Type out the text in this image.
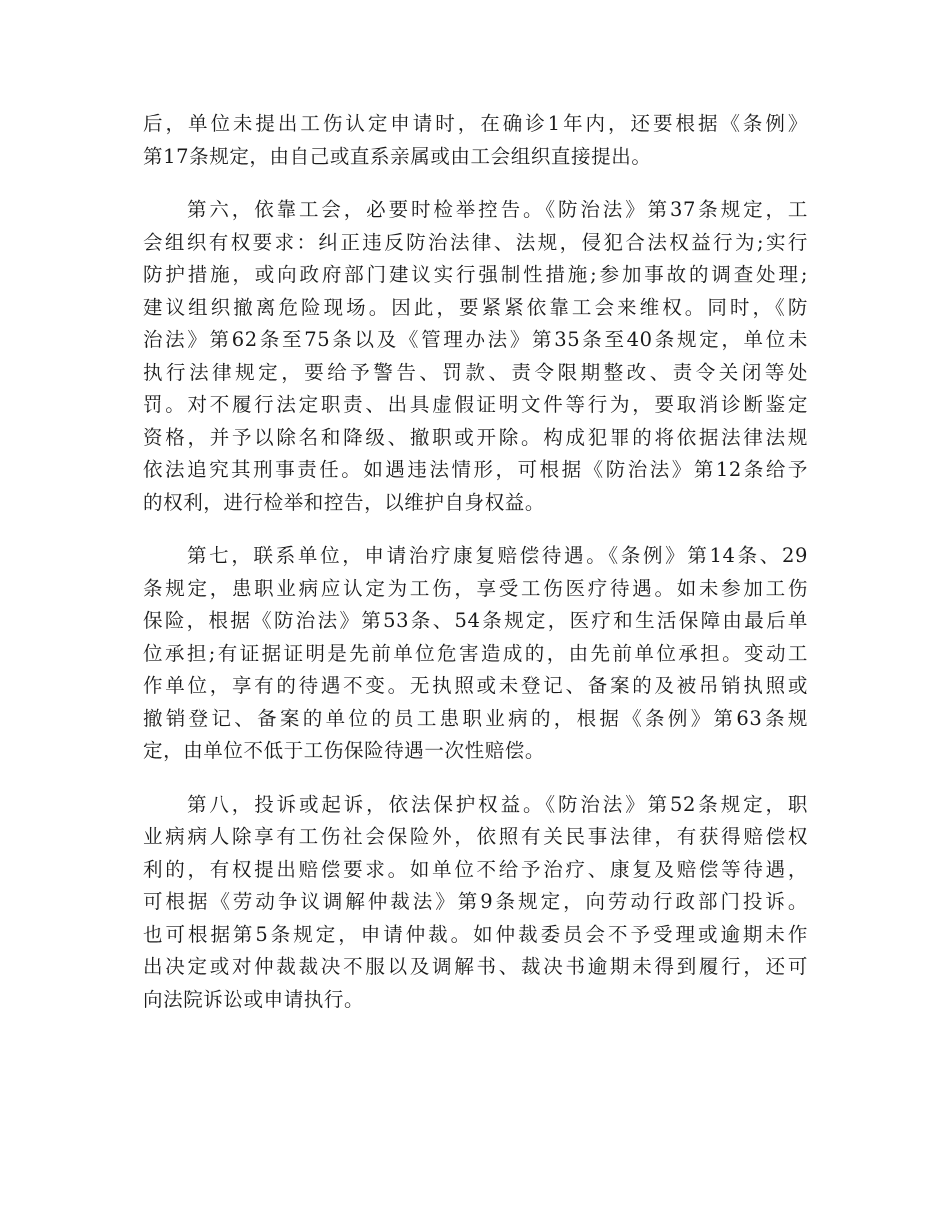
后，单位未提出工伤认定申请时，在确诊1年内，还要根据《条例》
第17条规定，由自己或直系亲属或由工会组织直接提出。
第六，依靠工会，必要时检举控告。《防治法》第37条规定，工
会组织有权要求：纠正违反防治法律、法规，侵犯合法权益行为;实行
防护措施，或向政府部门建议实行强制性措施;参加事故的调查处理;
建议组织撤离危险现场。因此，要紧紧依靠工会来维权。同时，《防
治法》第62条至75条以及《管理办法》第35条至40条规定，单位未
执行法律规定，要给予警告、罚款、责令限期整改、责令关闭等处
罚。对不履行法定职责、出具虚假证明文件等行为，要取消诊断鉴定
资格，并予以除名和降级、撤职或开除。构成犯罪的将依据法律法规
依法追究其刑事责任。如遇违法情形，可根据《防治法》第12条给予
的权利，进行检举和控告，以维护自身权益。
第七，联系单位，申请治疗康复赔偿待遇。《条例》第14条、29
条规定，患职业病应认定为工伤，享受工伤医疗待遇。如未参加工伤
保险，根据《防治法》第53条、54条规定，医疗和生活保障由最后单
位承担;有证据证明是先前单位危害造成的，由先前单位承担。变动工
作单位，享有的待遇不变。无执照或未登记、备案的及被吊销执照或
撤销登记、备案的单位的员工患职业病的，根据《条例》第63条规
定，由单位不低于工伤保险待遇一次性赔偿。
第八，投诉或起诉，依法保护权益。《防治法》第52条规定，职
业病病人除享有工伤社会保险外，依照有关民事法律，有获得赔偿权
利的，有权提出赔偿要求。如单位不给予治疗、康复及赔偿等待遇，
可根据《劳动争议调解仲裁法》第9条规定，向劳动行政部门投诉。
也可根据第5条规定，申请仲裁。如仲裁委员会不予受理或逾期未作
出决定或对仲裁裁决不服以及调解书、裁决书逾期未得到履行，还可
向法院诉讼或申请执行。
